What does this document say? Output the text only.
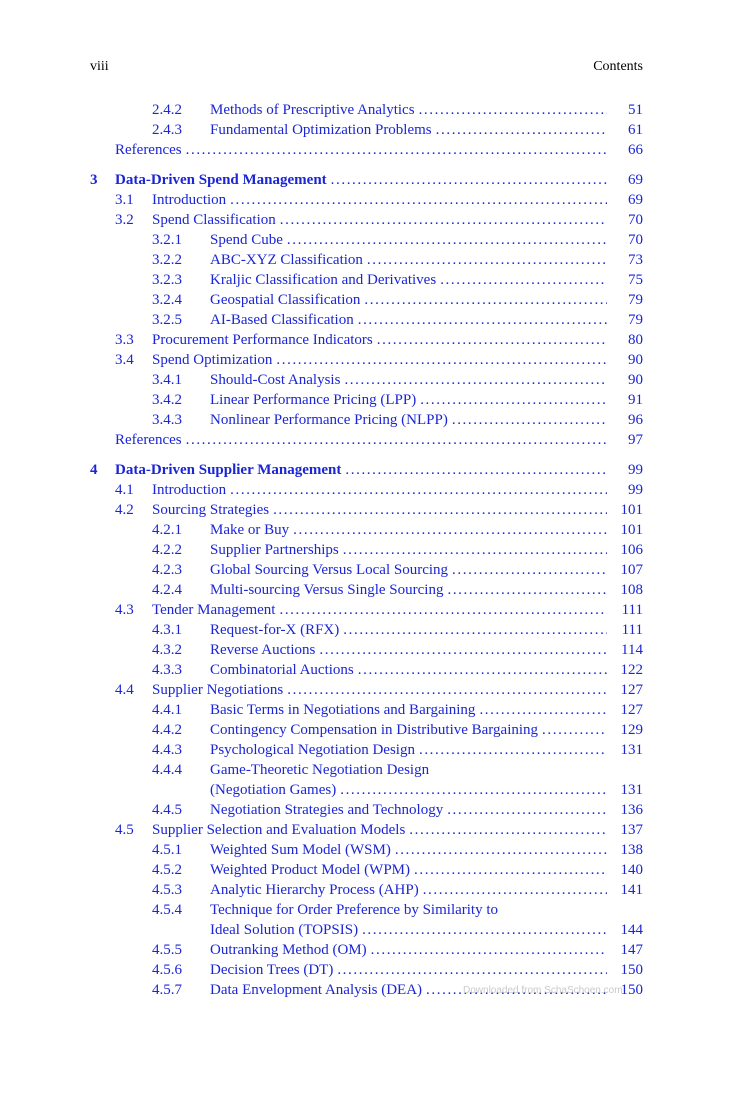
viii	Contents
2.4.2 Methods of Prescriptive Analytics .....	51
2.4.3 Fundamental Optimization Problems .....	61
References .....	66
3 Data-Driven Spend Management .....	69
3.1 Introduction .....	69
3.2 Spend Classification .....	70
3.2.1 Spend Cube .....	70
3.2.2 ABC-XYZ Classification .....	73
3.2.3 Kraljic Classification and Derivatives .....	75
3.2.4 Geospatial Classification .....	79
3.2.5 AI-Based Classification .....	79
3.3 Procurement Performance Indicators .....	80
3.4 Spend Optimization .....	90
3.4.1 Should-Cost Analysis .....	90
3.4.2 Linear Performance Pricing (LPP) .....	91
3.4.3 Nonlinear Performance Pricing (NLPP) .....	96
References .....	97
4 Data-Driven Supplier Management .....	99
4.1 Introduction .....	99
4.2 Sourcing Strategies .....	101
4.2.1 Make or Buy .....	101
4.2.2 Supplier Partnerships .....	106
4.2.3 Global Sourcing Versus Local Sourcing .....	107
4.2.4 Multi-sourcing Versus Single Sourcing .....	108
4.3 Tender Management .....	111
4.3.1 Request-for-X (RFX) .....	111
4.3.2 Reverse Auctions .....	114
4.3.3 Combinatorial Auctions .....	122
4.4 Supplier Negotiations .....	127
4.4.1 Basic Terms in Negotiations and Bargaining .....	127
4.4.2 Contingency Compensation in Distributive Bargaining .....	129
4.4.3 Psychological Negotiation Design .....	131
4.4.4 Game-Theoretic Negotiation Design
(Negotiation Games) .....	131
4.4.5 Negotiation Strategies and Technology .....	136
4.5 Supplier Selection and Evaluation Models .....	137
4.5.1 Weighted Sum Model (WSM) .....	138
4.5.2 Weighted Product Model (WPM) .....	140
4.5.3 Analytic Hierarchy Process (AHP) .....	141
4.5.4 Technique for Order Preference by Similarity to
Ideal Solution (TOPSIS) .....	144
4.5.5 Outranking Method (OM) .....	147
4.5.6 Decision Trees (DT) .....	150
4.5.7 Data Envelopment Analysis (DEA) .....	150
Downloaded from SchaSchoen.com
